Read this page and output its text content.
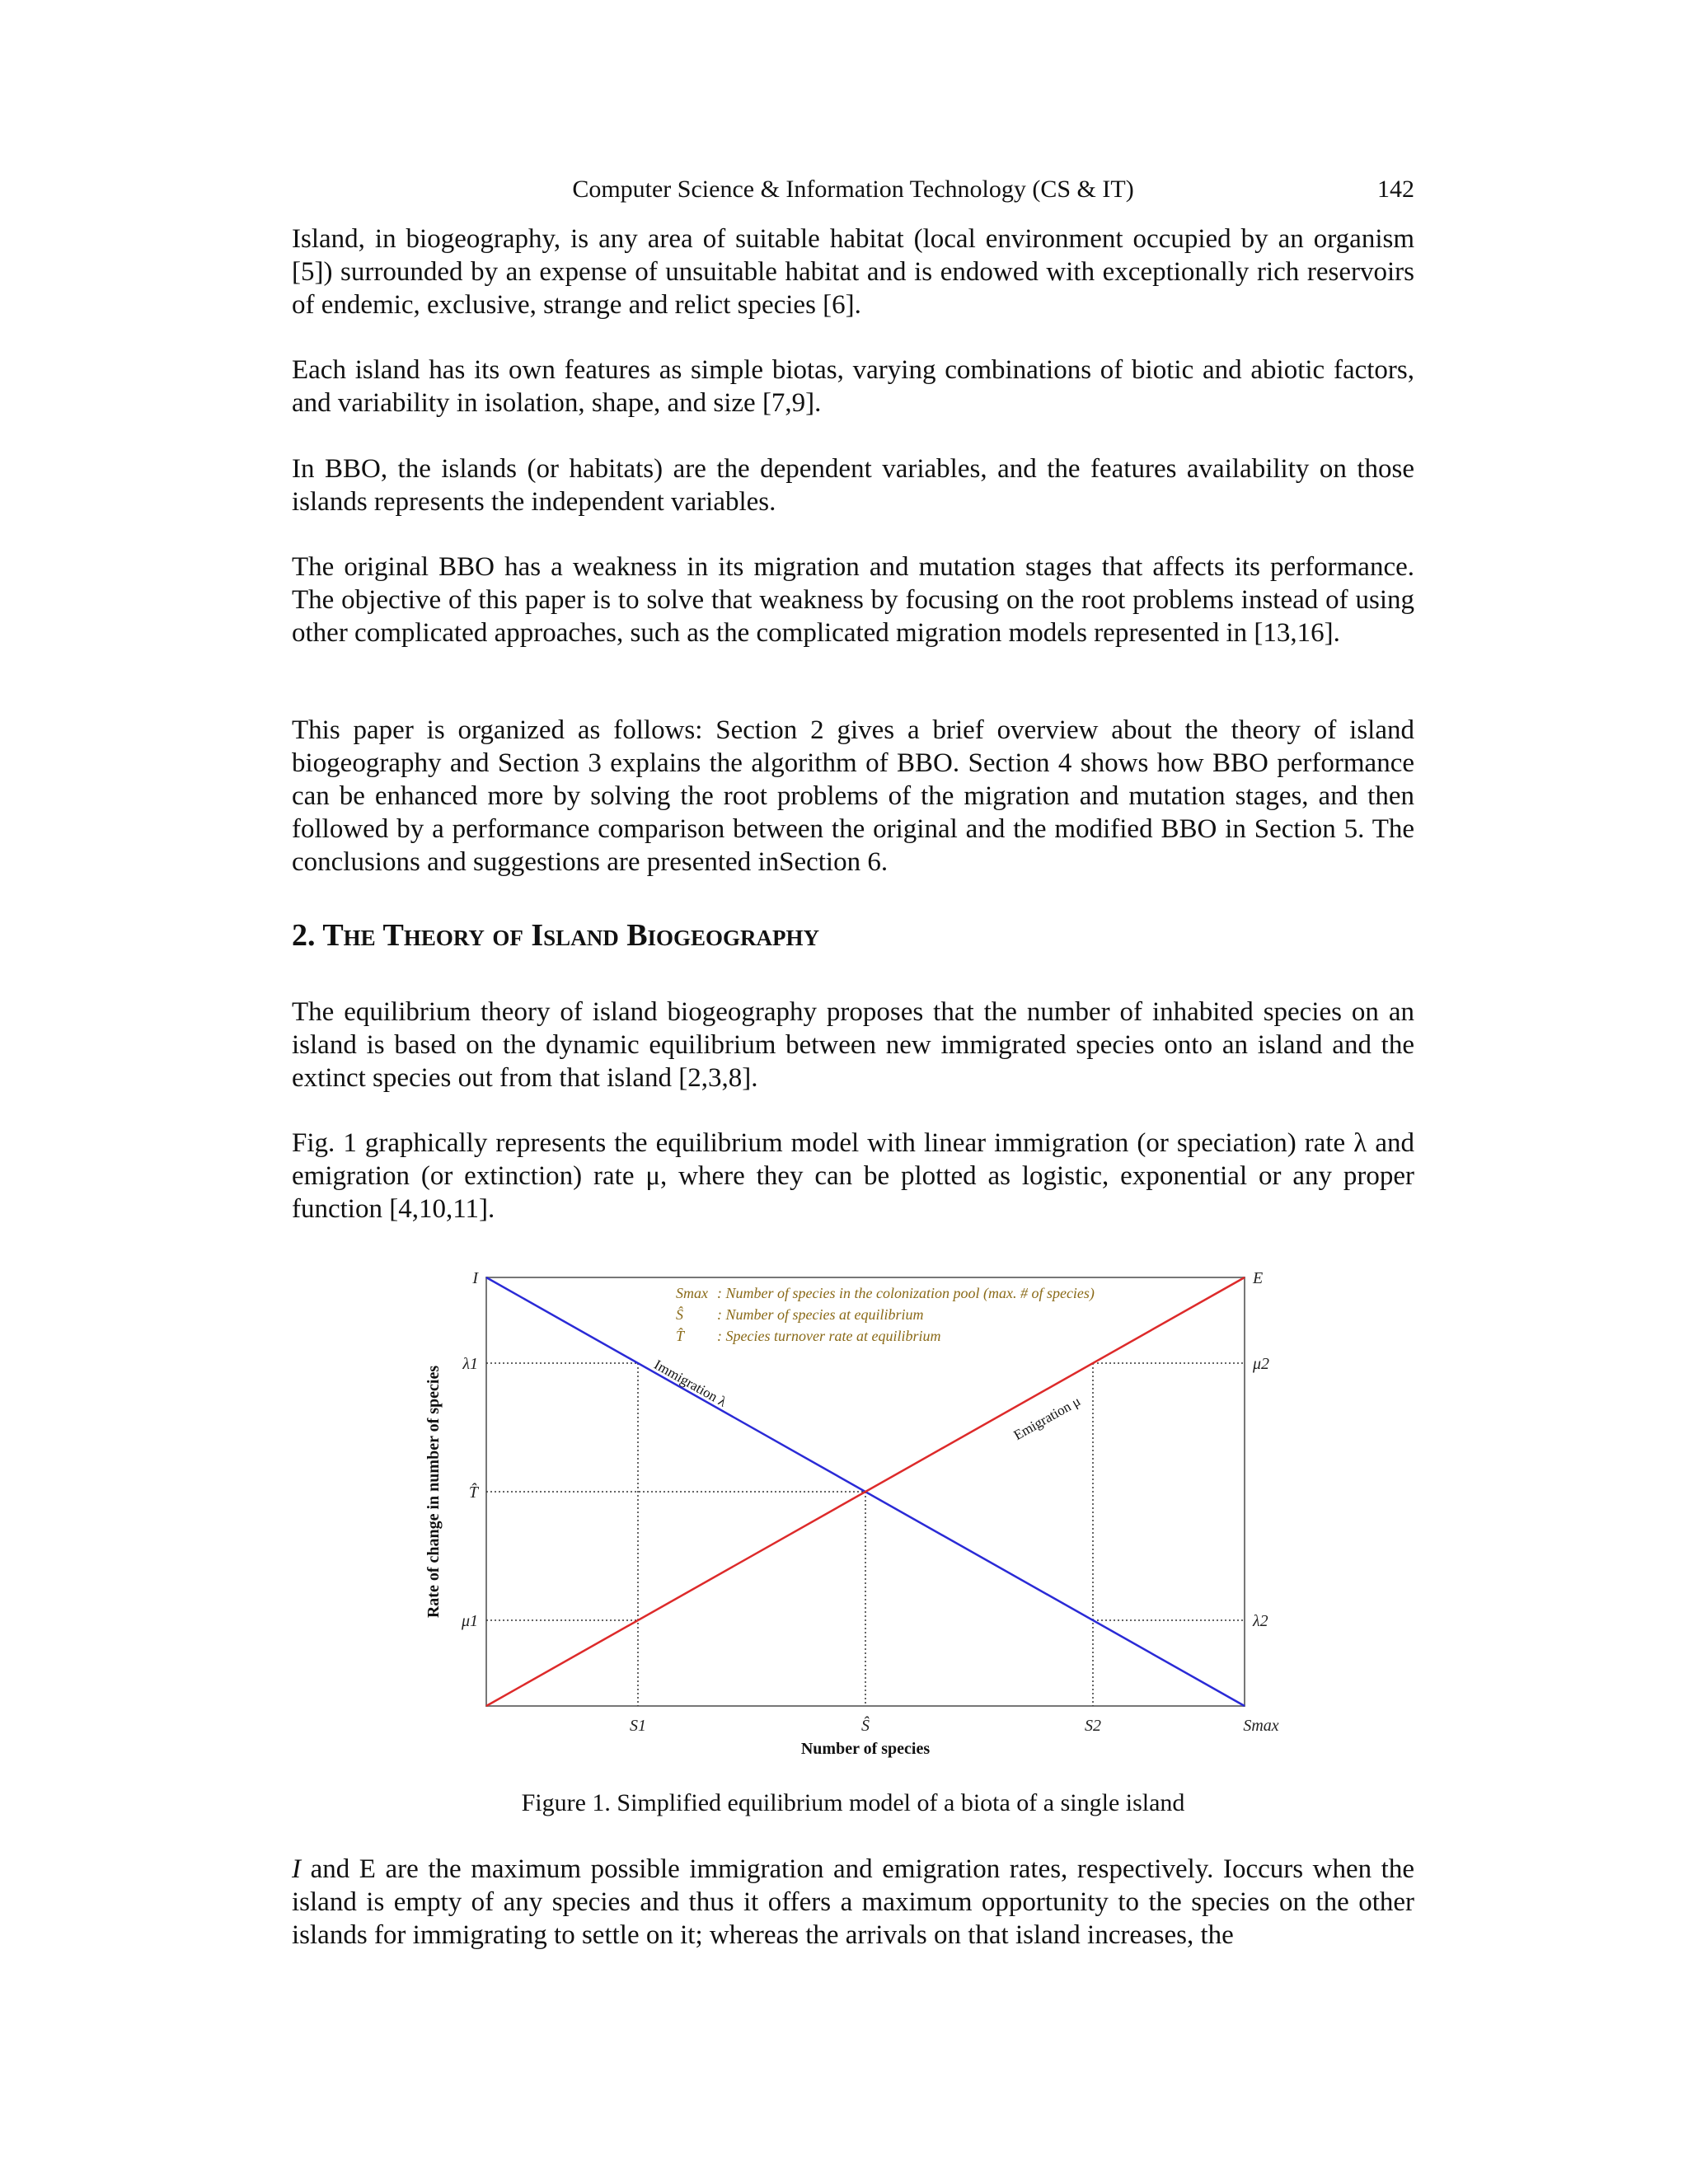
Computer Science & Information Technology (CS & IT)	142

Island, in biogeography, is any area of suitable habitat (local environment occupied by an organism [5]) surrounded by an expense of unsuitable habitat and is endowed with exceptionally rich reservoirs of endemic, exclusive, strange and relict species [6].

Each island has its own features as simple biotas, varying combinations of biotic and abiotic factors, and variability in isolation, shape, and size [7,9].

In BBO, the islands (or habitats) are the dependent variables, and the features availability on those islands represents the independent variables.

The original BBO has a weakness in its migration and mutation stages that affects its performance. The objective of this paper is to solve that weakness by focusing on the root problems instead of using other complicated approaches, such as the complicated migration models represented in [13,16].

This paper is organized as follows: Section 2 gives a brief overview about the theory of island biogeography and Section 3 explains the algorithm of BBO. Section 4 shows how BBO performance can be enhanced more by solving the root problems of the migration and mutation stages, and then followed by a performance comparison between the original and the modified BBO in Section 5. The conclusions and suggestions are presented inSection 6.

2. The Theory of Island Biogeography

The equilibrium theory of island biogeography proposes that the number of inhabited species on an island is based on the dynamic equilibrium between new immigrated species onto an island and the extinct species out from that island [2,3,8].

Fig. 1 graphically represents the equilibrium model with linear immigration (or speciation) rate λ and emigration (or extinction) rate μ, where they can be plotted as logistic, exponential or any proper function [4,10,11].

Immigration λ
Emigration μ
I
λ1
T̂
μ1
E
μ2
λ2
S1	Ŝ	S2	Smax
Number of species
Rate of change in number of species
Smax : Number of species in the colonization pool (max. # of species)
Ŝ : Number of species at equilibrium
T̂ : Species turnover rate at equilibrium
Figure 1. Simplified equilibrium model of a biota of a single island

I and E are the maximum possible immigration and emigration rates, respectively. Ioccurs when the island is empty of any species and thus it offers a maximum opportunity to the species on the other islands for immigrating to settle on it; whereas the arrivals on that island increases, the
